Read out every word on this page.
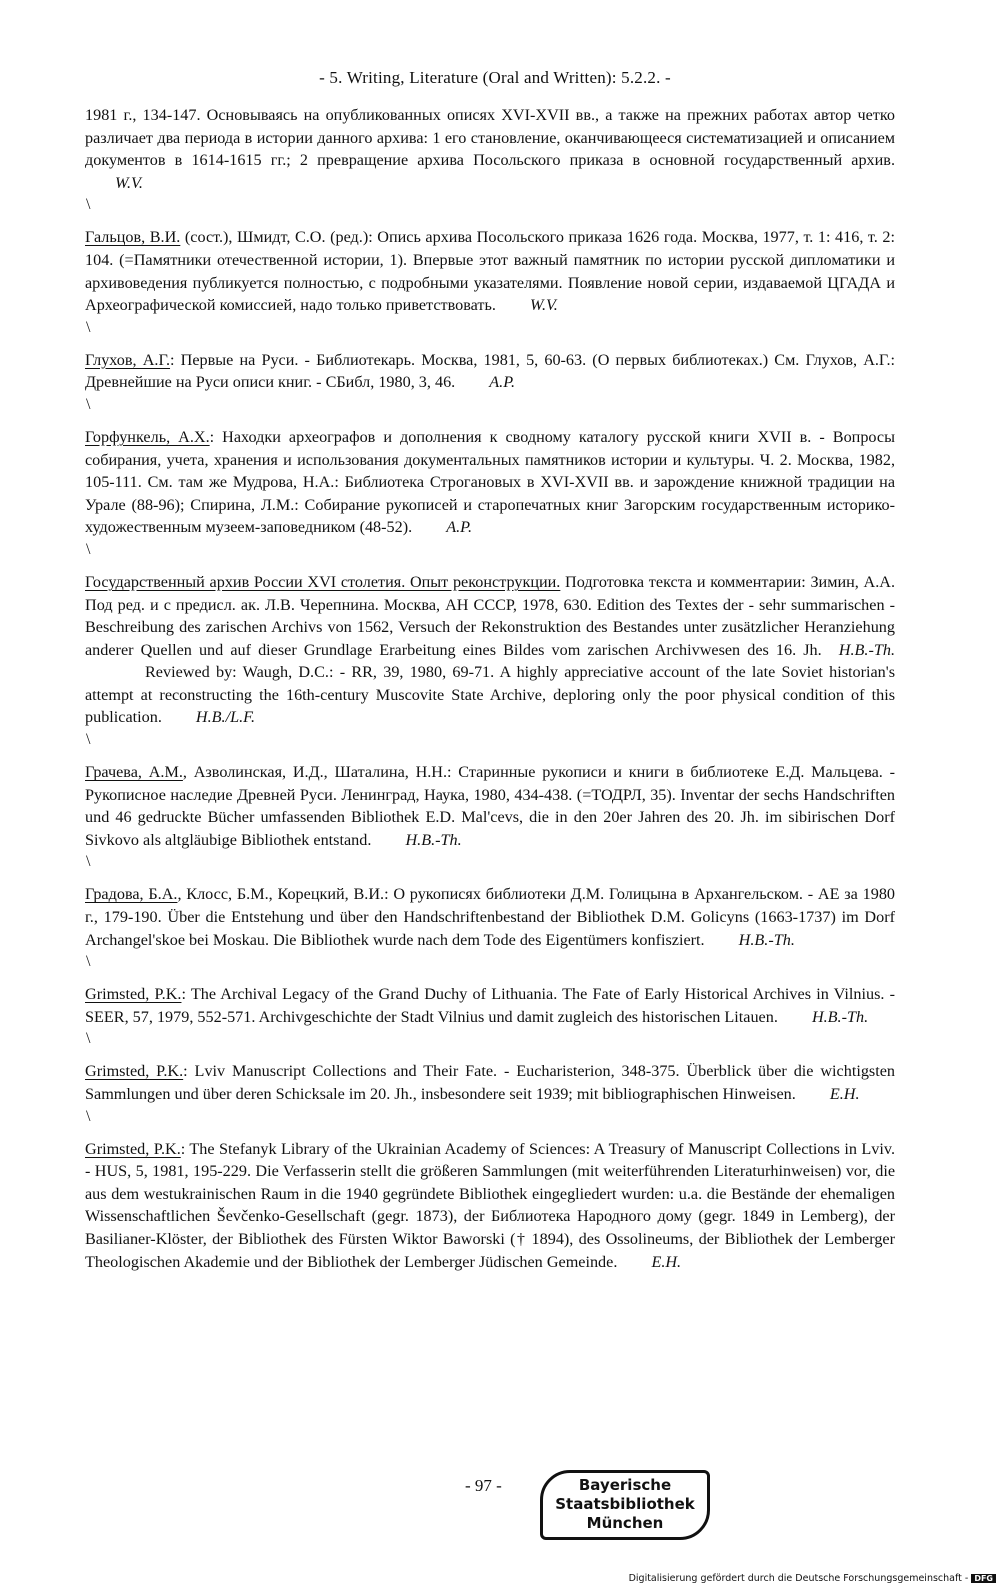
- 5. Writing, Literature (Oral and Written): 5.2.2. -
1981 г., 134-147. Основываясь на опубликованных описях XVI-XVII вв., а также на прежних работах автор четко различает два периода в истории данного архива: 1 его становление, оканчивающееся систематизацией и описанием документов в 1614-1615 гг.; 2 превращение архива Посольского приказа в основной государственный архив. W.V.
\
Гальцов, В.И. (сост.), Шмидт, С.О. (ред.): Опись архива Посольского приказа 1626 года. Москва, 1977, т. 1: 416, т. 2: 104. (=Памятники отечественной истории, 1). Впервые этот важный памятник по истории русской дипломатики и архивоведения публикуется полностью, с подробными указателями. Появление новой серии, издаваемой ЦГАДА и Археографической комиссией, надо только приветствовать. W.V.
\
Глухов, А.Г.: Первые на Руси. - Библиотекарь. Москва, 1981, 5, 60-63. (О первых библиотеках.) См. Глухов, А.Г.: Древнейшие на Руси описи книг. - СБибл, 1980, 3, 46. A.P.
\
Горфункель, А.Х.: Находки археографов и дополнения к сводному каталогу русской книги XVII в. - Вопросы собирания, учета, хранения и использования документальных памятников истории и культуры. Ч. 2. Москва, 1982, 105-111. См. там же Мудрова, Н.А.: Библиотека Строгановых в XVI-XVII вв. и зарождение книжной традиции на Урале (88-96); Спирина, Л.М.: Собирание рукописей и старопечатных книг Загорским государственным историко-художественным музеем-заповедником (48-52). A.P.
\
Государственный архив России XVI столетия. Опыт реконструкции. Подготовка текста и комментарии: Зимин, А.А. Под ред. и с предисл. ак. Л.В. Черепнина. Москва, АН СССР, 1978, 630. Edition des Textes der - sehr summarischen - Beschreibung des zarischen Archivs von 1562, Versuch der Rekonstruktion des Bestandes unter zusätzlicher Heranziehung anderer Quellen und auf dieser Grundlage Erarbeitung eines Bildes vom zarischen Archivwesen des 16. Jh. H.B.-Th. Reviewed by: Waugh, D.C.: - RR, 39, 1980, 69-71. A highly appreciative account of the late Soviet historian's attempt at reconstructing the 16th-century Muscovite State Archive, deploring only the poor physical condition of this publication. H.B./L.F.
\
Грачева, А.М., Азволинская, И.Д., Шаталина, Н.Н.: Старинные рукописи и книги в библиотеке Е.Д. Мальцева. - Рукописное наследие Древней Руси. Ленинград, Наука, 1980, 434-438. (=ТОДРЛ, 35). Inventar der sechs Handschriften und 46 gedruckte Bücher umfassenden Bibliothek E.D. Mal'cevs, die in den 20er Jahren des 20. Jh. im sibirischen Dorf Sivkovo als altgläubige Bibliothek entstand. H.B.-Th.
\
Градова, Б.А., Клосс, Б.М., Корецкий, В.И.: О рукописях библиотеки Д.М. Голицына в Архангельском. - АЕ за 1980 г., 179-190. Über die Entstehung und über den Handschriftenbestand der Bibliothek D.M. Golicyns (1663-1737) im Dorf Archangel'skoe bei Moskau. Die Bibliothek wurde nach dem Tode des Eigentümers konfisziert. H.B.-Th.
\
Grimsted, P.K.: The Archival Legacy of the Grand Duchy of Lithuania. The Fate of Early Historical Archives in Vilnius. - SEER, 57, 1979, 552-571. Archivgeschichte der Stadt Vilnius und damit zugleich des historischen Litauen. H.B.-Th.
\
Grimsted, P.K.: Lviv Manuscript Collections and Their Fate. - Eucharisterion, 348-375. Überblick über die wichtigsten Sammlungen und über deren Schicksale im 20. Jh., insbesondere seit 1939; mit bibliographischen Hinweisen. E.H.
\
Grimsted, P.K.: The Stefanyk Library of the Ukrainian Academy of Sciences: A Treasury of Manuscript Collections in Lviv. - HUS, 5, 1981, 195-229. Die Verfasserin stellt die größeren Sammlungen (mit weiterführenden Literaturhinweisen) vor, die aus dem westukrainischen Raum in die 1940 gegründete Bibliothek eingegliedert wurden: u.a. die Bestände der ehemaligen Wissenschaftlichen Ševčenko-Gesellschaft (gegr. 1873), der Библиотека Народного дому (gegr. 1849 in Lemberg), der Basilianer-Klöster, der Bibliothek des Fürsten Wiktor Baworski († 1894), des Ossolineums, der Bibliothek der Lemberger Theologischen Akademie und der Bibliothek der Lemberger Jüdischen Gemeinde. E.H.
- 97 -	Bayerische
Staatsbibliothek
München
Digitalisierung gefördert durch die Deutsche Forschungsgemeinschaft - DFG
